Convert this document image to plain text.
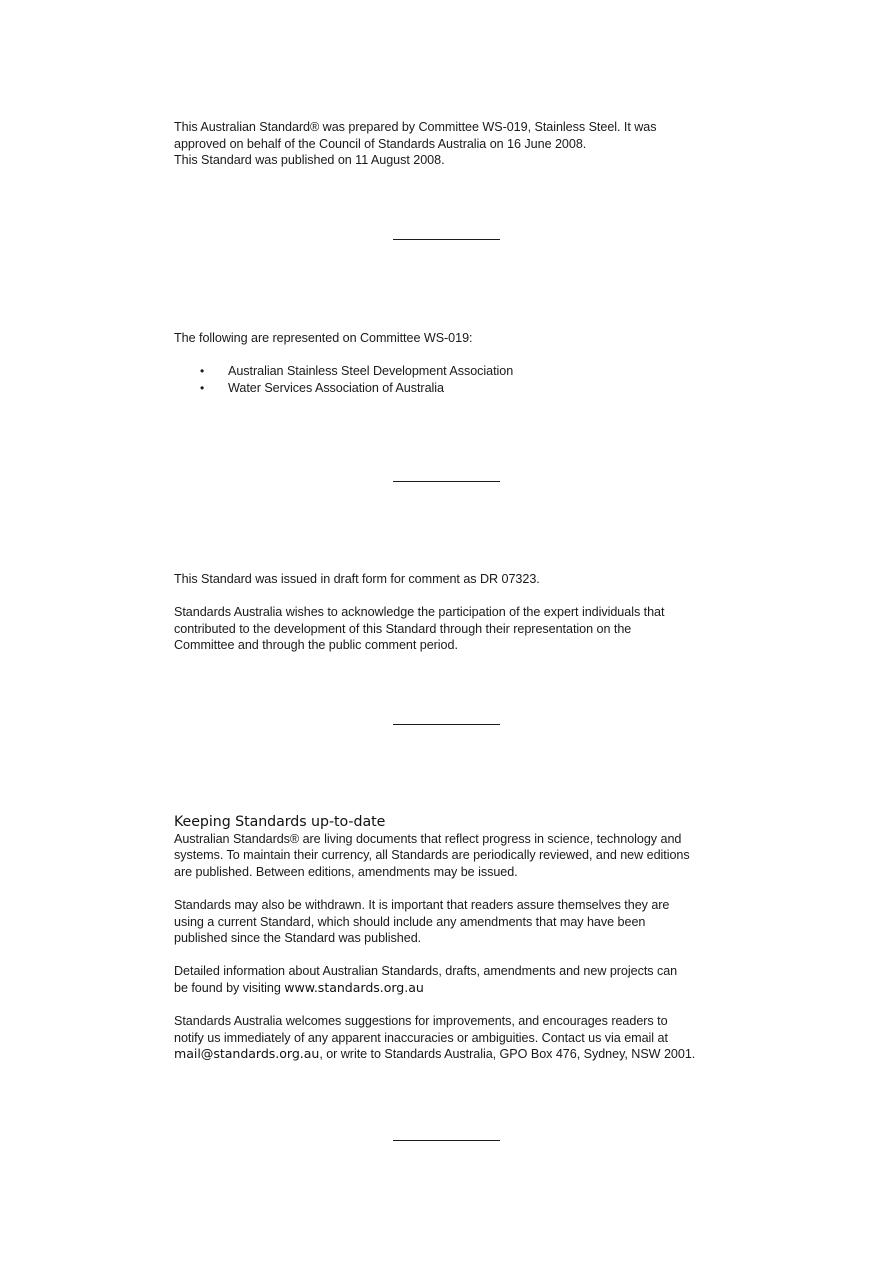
This Australian Standard® was prepared by Committee WS-019, Stainless Steel. It was

approved on behalf of the Council of Standards Australia on 16 June 2008.

This Standard was published on 11 August 2008.

The following are represented on Committee WS-019:

• Australian Stainless Steel Development Association
• Water Services Association of Australia

This Standard was issued in draft form for comment as DR 07323.

Standards Australia wishes to acknowledge the participation of the expert individuals that

contributed to the development of this Standard through their representation on the

Committee and through the public comment period.

Keeping Standards up-to-date

Australian Standards® are living documents that reflect progress in science, technology and

systems. To maintain their currency, all Standards are periodically reviewed, and new editions

are published. Between editions, amendments may be issued.

Standards may also be withdrawn. It is important that readers assure themselves they are

using a current Standard, which should include any amendments that may have been

published since the Standard was published.

Detailed information about Australian Standards, drafts, amendments and new projects can

be found by visiting www.standards.org.au

Standards Australia welcomes suggestions for improvements, and encourages readers to

notify us immediately of any apparent inaccuracies or ambiguities. Contact us via email at

mail@standards.org.au, or write to Standards Australia, GPO Box 476, Sydney, NSW 2001.
